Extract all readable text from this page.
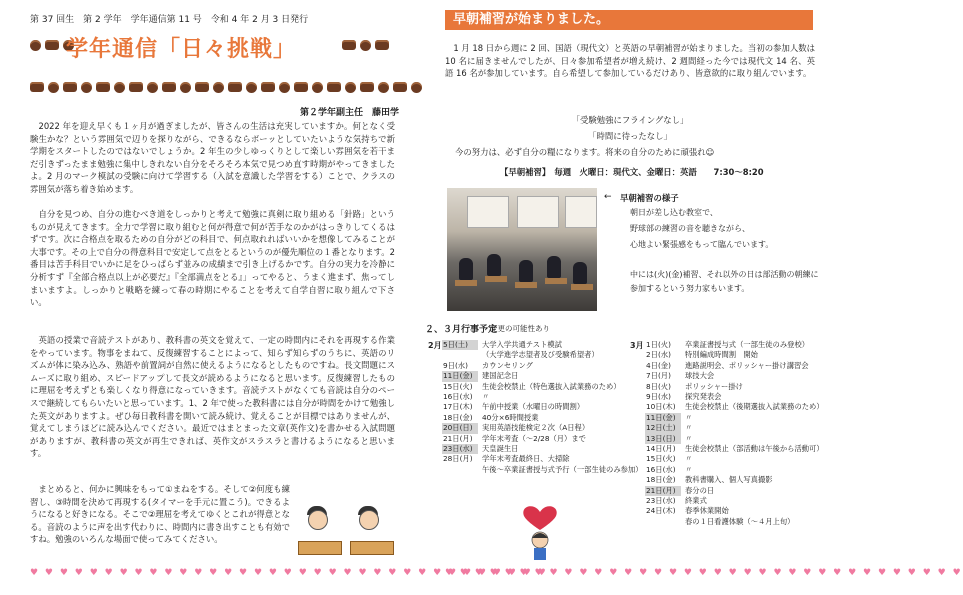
第 37 回生　第 2 学年　学年通信第 11 号　令和 4 年 2 月 3 日発行
学年通信「日々挑戦」
第２学年副主任　藤田学
　2022 年を迎え早くも１ヶ月が過ぎましたが、皆さんの生活は充実していますか。何となく受験生かな？という雰囲気で辺りを探りながら、できるならボーッとしていたいような気持ちで新学期をスタートしたのではないでしょうか。2 年生の少しゆっくりとして楽しい雰囲気を若干まだ引きずったまま勉強に集中しきれない自分をそろそろ本気で見つめ直す時期がやってきましたよ。2 月のマーク模試の受験に向けて学習する（入試を意識した学習をする）ことで、クラスの雰囲気が落ち着き始めます。
　自分を見つめ、自分の進むべき道をしっかりと考えて勉強に真剣に取り組める「針路」というものが見えてきます。全力で学習に取り組むと何が得意で何が苦手なのかがはっきりしてくるはずです。次に合格点を取るための自分がどの科目で、何点取れればいいかを想像してみることが大事です。その上で自分の得意科目で安定して点をとるというのが優先順位の１番となります。2 番目は苦手科目でいかに足をひっぱらず並みの成績まで引き上げるかです。自分の実力を冷静に分析すず『全部合格点以上が必要だ』『全部満点をとる』」ってやると、うまく進まず、焦ってしまいますよ。しっかりと戦略を練って春の時期にやることを考えて自学自習に取り組んで下さい。
　英語の授業で音読テストがあり、教科書の英文を覚えて、一定の時間内にそれを再現する作業をやっています。物事をまねて、反復練習することによって、知らず知らずのうちに、英語のリズムが体に染み込み、熟語や前置詞が自然に使えるようになるとしたものですね。長文問題にスムーズに取り組め、スピードアップして長文が読めるようになると思います。反復練習したものに理屈を考えずとも楽しくなり得意になっていきます。音読テストがなくても音読は自分のペースで継続してもらいたいと思っています。1、2 年で使った教科書には自分が時間をかけて勉強した英文がありますよ。ぜひ毎日教科書を開いて読み続け、覚えることが目標ではありませんが、覚えてしまうほどに読み込んでください。最近ではまとまった文章(英作文)を書かせる入試問題がありますが、教科書の英文が再生できれば、英作文がスラスラと書けるようになると思います。
　まとめると、何かに興味をもって①まねをする。そして②何度も練習し、③時間を決めて再現する(タイマーを手元に置こう)。できるようになると好きになる。そこで②理屈を考えてゆくとこれが得意となる。音読のように声を出す代わりに、時間内に書き出すことも有効ですね。勉強のいろんな場面で使ってみてください。
♥ ♥ ♥ ♥ ♥ ♥ ♥ ♥ ♥ ♥ ♥ ♥ ♥ ♥ ♥ ♥ ♥ ♥ ♥ ♥ ♥ ♥ ♥ ♥ ♥ ♥ ♥ ♥ ♥ ♥ ♥ ♥ ♥ ♥ ♥
早朝補習が始まりました。
　1 月 18 日から週に 2 回、国語（現代文）と英語の早朝補習が始まりました。当初の参加人数は 10 名に届きませんでしたが、日々参加希望者が増え続け、2 週間経った今では現代文 14 名、英語 16 名が参加しています。自ら希望して参加しているだけあり、皆意欲的に取り組んでいます。
「受験勉強にフライングなし」
「時間に待ったなし」
今の努力は、必ず自分の糧になります。将来の自分のために頑張れ☺
【早朝補習】　毎週　火曜日：現代文、金曜日：英語　　7:30～8:20
← 早朝補習の様子
朝日が差し込む教室で、
野球部の練習の音を聴きながら、
心地よい緊張感をもって臨んでいます。
中には(火)(金)補習、それ以外の日は部活動の朝練に
参加するという努力家もいます。
２、３月行事予定
変更の可能性あり
2月 5日(土) 大学入学共通テスト模試
（大学進学志望者及び受験希望者）
9日(水) カウンセリング
11日(金) 建国記念日
15日(火) 生徒会校禁止（特色選抜入試業務のため）
16日(水) 〃
17日(木) 午前中授業（水曜日の時間割）
18日(金) 40分×6時間授業
20日(日) 実用英語技能検定２次（A日程）
21日(月) 学年末考査（～2/28（月）まで
23日(水) 天皇誕生日
28日(月) 学年末考査最終日、大掃除
午後～卒業証書授与式予行（一部生徒のみ参加）
3月 1日(火) 卒業証書授与式（一部生徒のみ登校）
2日(水) 特別編成時間割　開始
4日(金) 進路説明会、ポリッシャー掛け講習会
7日(月) 球技大会
8日(火) ポリッシャー掛け
9日(水) 探究発表会
10日(木) 生徒会校禁止（後期選抜入試業務のため）
11日(金) 〃
12日(土) 〃
13日(日) 〃
14日(月) 生徒会校禁止（部活動は午後から活動可）
15日(火) 〃
16日(水) 〃
18日(金) 教科書購入、個人写真撮影
21日(月) 春分の日
23日(水) 終業式
24日(木) 春季休業開始
春の１日看護体験（～４月上旬）
♥ ♥ ♥ ♥ ♥ ♥ ♥ ♥ ♥ ♥ ♥ ♥ ♥ ♥ ♥ ♥ ♥ ♥ ♥ ♥ ♥ ♥ ♥ ♥ ♥ ♥ ♥ ♥ ♥ ♥ ♥ ♥ ♥ ♥ ♥
